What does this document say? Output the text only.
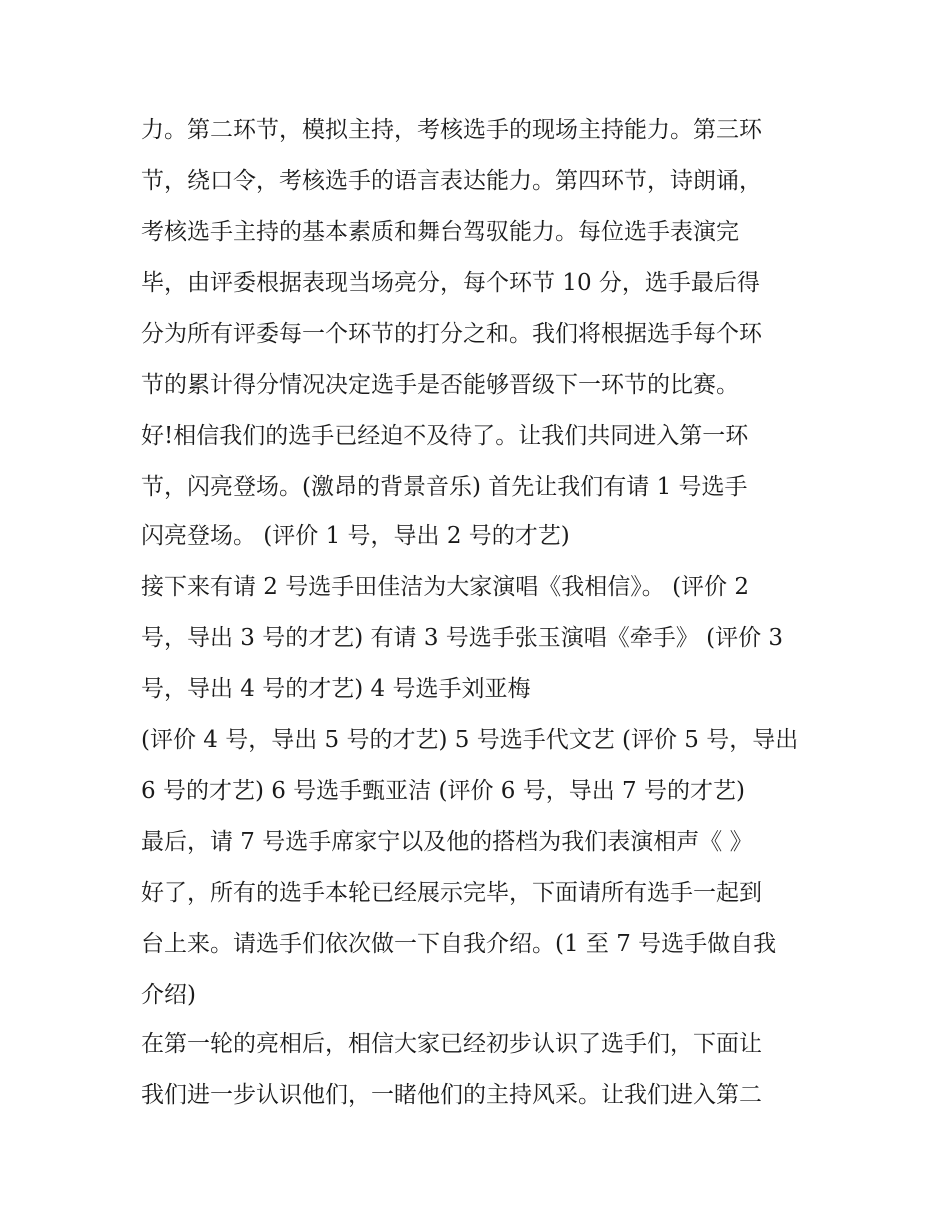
力。第二环节，模拟主持，考核选手的现场主持能力。第三环
节，绕口令，考核选手的语言表达能力。第四环节，诗朗诵，
考核选手主持的基本素质和舞台驾驭能力。每位选手表演完
毕，由评委根据表现当场亮分，每个环节 10 分，选手最后得
分为所有评委每一个环节的打分之和。我们将根据选手每个环
节的累计得分情况决定选手是否能够晋级下一环节的比赛。
好!相信我们的选手已经迫不及待了。让我们共同进入第一环
节，闪亮登场。(激昂的背景音乐) 首先让我们有请 1 号选手
闪亮登场。 (评价 1 号，导出 2 号的才艺)
接下来有请 2 号选手田佳洁为大家演唱《我相信》。 (评价 2
号，导出 3 号的才艺) 有请 3 号选手张玉演唱《牵手》 (评价 3
号，导出 4 号的才艺) 4 号选手刘亚梅
(评价 4 号，导出 5 号的才艺) 5 号选手代文艺 (评价 5 号，导出
6 号的才艺) 6 号选手甄亚洁 (评价 6 号，导出 7 号的才艺)
最后，请 7 号选手席家宁以及他的搭档为我们表演相声《 》
好了，所有的选手本轮已经展示完毕，下面请所有选手一起到
台上来。请选手们依次做一下自我介绍。(1 至 7 号选手做自我
介绍)
在第一轮的亮相后，相信大家已经初步认识了选手们，下面让
我们进一步认识他们，一睹他们的主持风采。让我们进入第二
